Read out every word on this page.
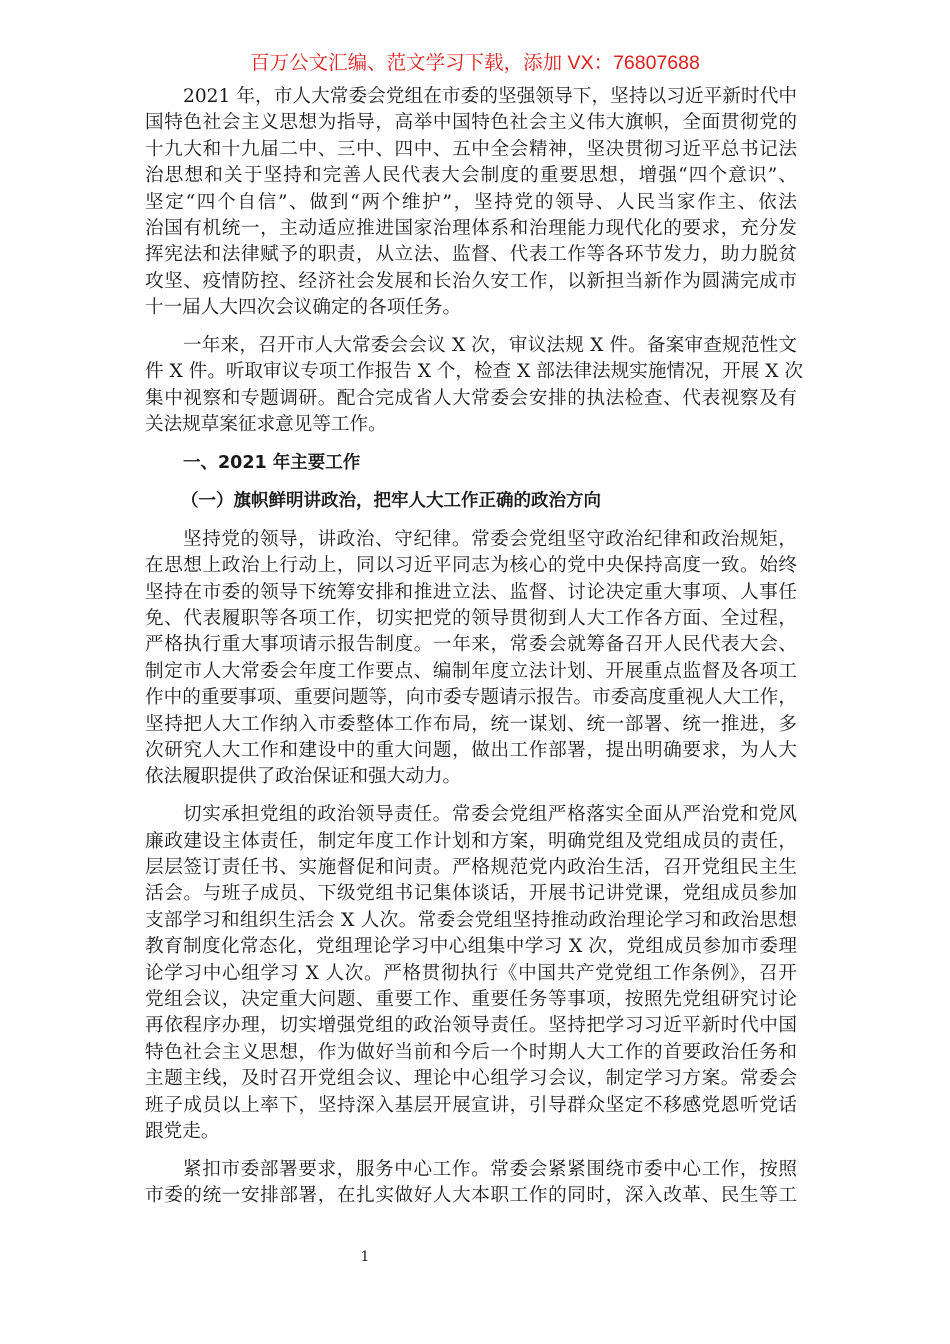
百万公文汇编、范文学习下载，添加 VX：76807688
2021 年，市人大常委会党组在市委的坚强领导下，坚持以习近平新时代中
国特色社会主义思想为指导，高举中国特色社会主义伟大旗帜，全面贯彻党的
十九大和十九届二中、三中、四中、五中全会精神，坚决贯彻习近平总书记法
治思想和关于坚持和完善人民代表大会制度的重要思想，增强“四个意识”、
坚定“四个自信”、做到“两个维护”，坚持党的领导、人民当家作主、依法
治国有机统一，主动适应推进国家治理体系和治理能力现代化的要求，充分发
挥宪法和法律赋予的职责，从立法、监督、代表工作等各环节发力，助力脱贫
攻坚、疫情防控、经济社会发展和长治久安工作，以新担当新作为圆满完成市
十一届人大四次会议确定的各项任务。
一年来，召开市人大常委会会议 X 次，审议法规 X 件。备案审查规范性文
件 X 件。听取审议专项工作报告 X 个，检查 X 部法律法规实施情况，开展 X 次
集中视察和专题调研。配合完成省人大常委会安排的执法检查、代表视察及有
关法规草案征求意见等工作。
一、2021 年主要工作
（一）旗帜鲜明讲政治，把牢人大工作正确的政治方向
坚持党的领导，讲政治、守纪律。常委会党组坚守政治纪律和政治规矩，
在思想上政治上行动上，同以习近平同志为核心的党中央保持高度一致。始终
坚持在市委的领导下统筹安排和推进立法、监督、讨论决定重大事项、人事任
免、代表履职等各项工作，切实把党的领导贯彻到人大工作各方面、全过程，
严格执行重大事项请示报告制度。一年来，常委会就筹备召开人民代表大会、
制定市人大常委会年度工作要点、编制年度立法计划、开展重点监督及各项工
作中的重要事项、重要问题等，向市委专题请示报告。市委高度重视人大工作，
坚持把人大工作纳入市委整体工作布局，统一谋划、统一部署、统一推进，多
次研究人大工作和建设中的重大问题，做出工作部署，提出明确要求，为人大
依法履职提供了政治保证和强大动力。
切实承担党组的政治领导责任。常委会党组严格落实全面从严治党和党风
廉政建设主体责任，制定年度工作计划和方案，明确党组及党组成员的责任，
层层签订责任书、实施督促和问责。严格规范党内政治生活，召开党组民主生
活会。与班子成员、下级党组书记集体谈话，开展书记讲党课，党组成员参加
支部学习和组织生活会 X 人次。常委会党组坚持推动政治理论学习和政治思想
教育制度化常态化，党组理论学习中心组集中学习 X 次，党组成员参加市委理
论学习中心组学习 X 人次。严格贯彻执行《中国共产党党组工作条例》，召开
党组会议，决定重大问题、重要工作、重要任务等事项，按照先党组研究讨论
再依程序办理，切实增强党组的政治领导责任。坚持把学习习近平新时代中国
特色社会主义思想，作为做好当前和今后一个时期人大工作的首要政治任务和
主题主线，及时召开党组会议、理论中心组学习会议，制定学习方案。常委会
班子成员以上率下，坚持深入基层开展宣讲，引导群众坚定不移感党恩听党话
跟党走。
紧扣市委部署要求，服务中心工作。常委会紧紧围绕市委中心工作，按照
市委的统一安排部署，在扎实做好人大本职工作的同时，深入改革、民生等工
1
